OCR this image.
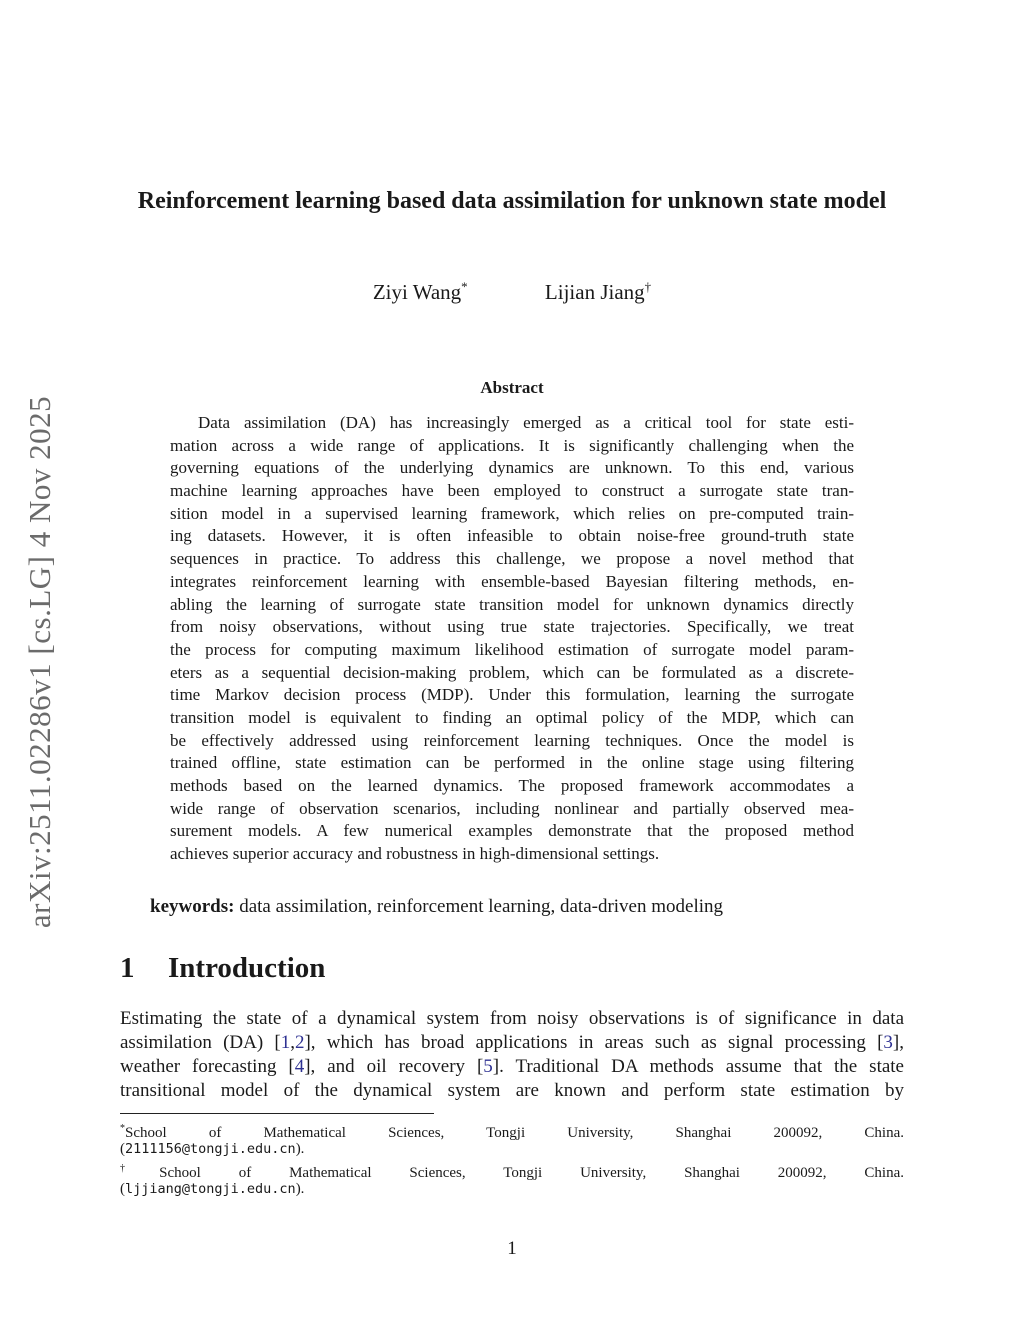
arXiv:2511.02286v1 [cs.LG] 4 Nov 2025
Reinforcement learning based data assimilation for unknown state model
Ziyi Wang*	Lijian Jiang†
Abstract
Data assimilation (DA) has increasingly emerged as a critical tool for state esti-
mation across a wide range of applications. It is significantly challenging when the
governing equations of the underlying dynamics are unknown. To this end, various
machine learning approaches have been employed to construct a surrogate state tran-
sition model in a supervised learning framework, which relies on pre-computed train-
ing datasets. However, it is often infeasible to obtain noise-free ground-truth state
sequences in practice. To address this challenge, we propose a novel method that
integrates reinforcement learning with ensemble-based Bayesian filtering methods, en-
abling the learning of surrogate state transition model for unknown dynamics directly
from noisy observations, without using true state trajectories. Specifically, we treat
the process for computing maximum likelihood estimation of surrogate model param-
eters as a sequential decision-making problem, which can be formulated as a discrete-
time Markov decision process (MDP). Under this formulation, learning the surrogate
transition model is equivalent to finding an optimal policy of the MDP, which can
be effectively addressed using reinforcement learning techniques. Once the model is
trained offline, state estimation can be performed in the online stage using filtering
methods based on the learned dynamics. The proposed framework accommodates a
wide range of observation scenarios, including nonlinear and partially observed mea-
surement models. A few numerical examples demonstrate that the proposed method
achieves superior accuracy and robustness in high-dimensional settings.
keywords: data assimilation, reinforcement learning, data-driven modeling
1 Introduction
Estimating the state of a dynamical system from noisy observations is of significance in data
assimilation (DA) [1,2], which has broad applications in areas such as signal processing [3],
weather forecasting [4], and oil recovery [5]. Traditional DA methods assume that the state
transitional model of the dynamical system are known and perform state estimation by
*School of Mathematical Sciences, Tongji University, Shanghai 200092, China.
(2111156@tongji.edu.cn).
†School of Mathematical Sciences, Tongji University, Shanghai 200092, China.
(ljjiang@tongji.edu.cn).
1
